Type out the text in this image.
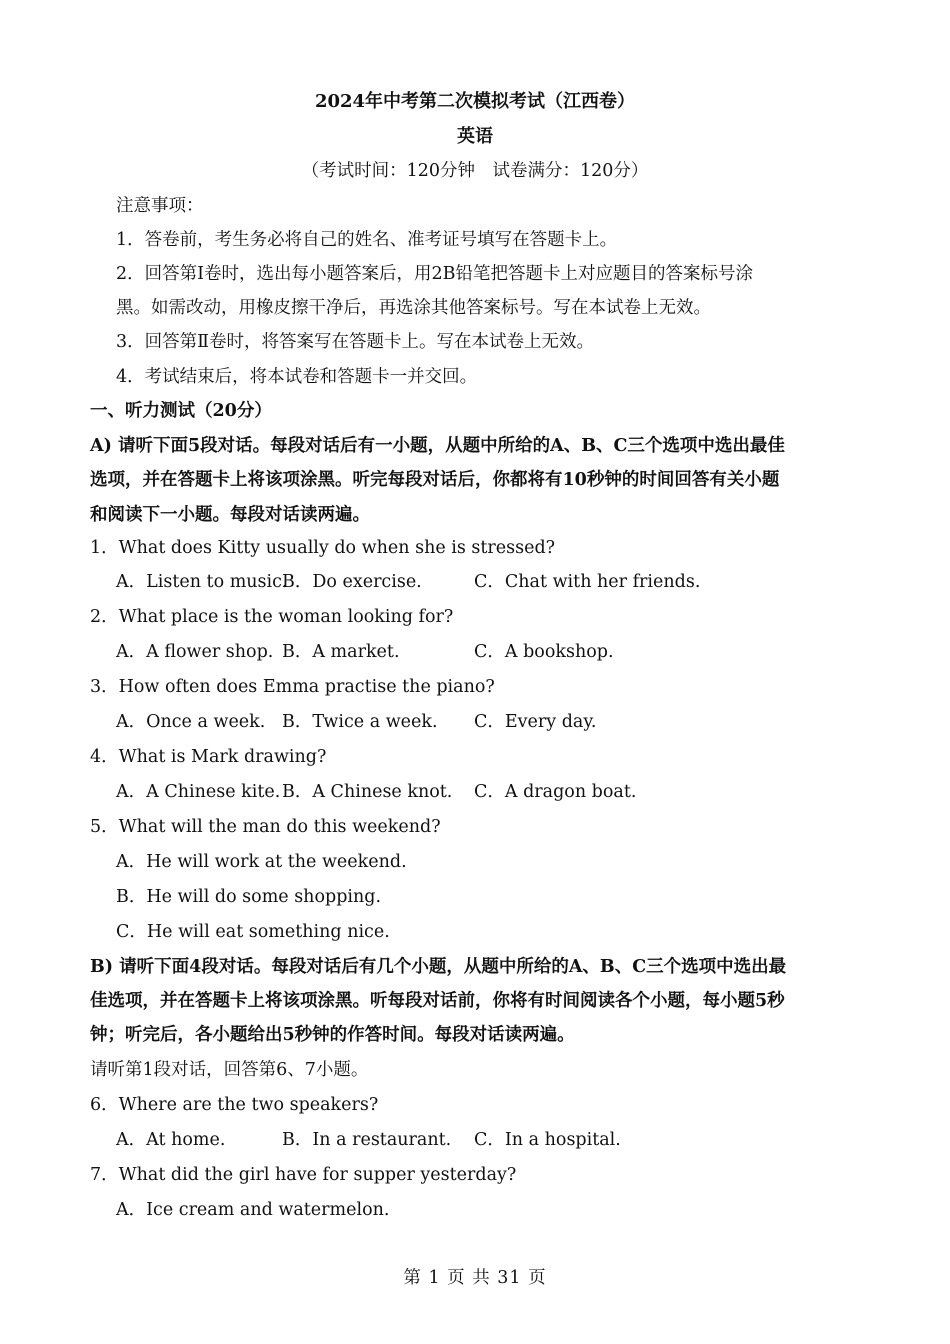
2024年中考第二次模拟考试（江西卷）
英语
（考试时间：120分钟　试卷满分：120分）
注意事项：
1．答卷前，考生务必将自己的姓名、准考证号填写在答题卡上。
2．回答第Ⅰ卷时，选出每小题答案后，用2B铅笔把答题卡上对应题目的答案标号涂
黑。如需改动，用橡皮擦干净后，再选涂其他答案标号。写在本试卷上无效。
3．回答第Ⅱ卷时，将答案写在答题卡上。写在本试卷上无效。
4．考试结束后，将本试卷和答题卡一并交回。
一、听力测试（20分）
A) 请听下面5段对话。每段对话后有一小题，从题中所给的A、B、C三个选项中选出最佳
选项，并在答题卡上将该项涂黑。听完每段对话后，你都将有10秒钟的时间回答有关小题
和阅读下一小题。每段对话读两遍。
1．What does Kitty usually do when she is stressed?
A．Listen to music.
B．Do exercise.	C．Chat with her friends.
2．What place is the woman looking for?
A．A flower shop. B．A market.	C．A bookshop.
3．How often does Emma practise the piano?
A．Once a week. B．Twice a week. C．Every day.
4．What is Mark drawing?
A．A Chinese kite. B．A Chinese knot. C．A dragon boat.
5．What will the man do this weekend?
A．He will work at the weekend.
B．He will do some shopping.
C．He will eat something nice.
B) 请听下面4段对话。每段对话后有几个小题，从题中所给的A、B、C三个选项中选出最
佳选项，并在答题卡上将该项涂黑。听每段对话前，你将有时间阅读各个小题，每小题5秒
钟；听完后，各小题给出5秒钟的作答时间。每段对话读两遍。
请听第1段对话，回答第6、7小题。
6．Where are the two speakers?
A．At home.	B．In a restaurant. C．In a hospital.
7．What did the girl have for supper yesterday?
A．Ice cream and watermelon.
第 1 页 共 31 页
